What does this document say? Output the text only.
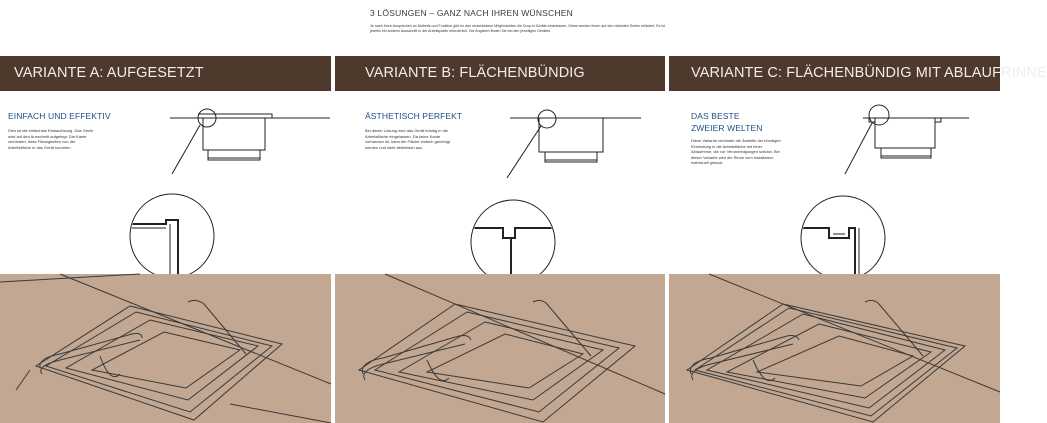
3 LÖSUNGEN – GANZ NACH IHREN WÜNSCHEN

Je nach Ihren Ansprüchen an Ästhetik und Funktion gibt es drei verschiedene Möglichkeiten die Drop-in Geräte einzubauen. Diese werden Ihnen auf den nächsten Seiten erläutert. Es ist jeweils ein anderer Ausschnitt in der Arbeitsplatte erforderlich. Die Angaben finden Sie bei den jeweiligen Geräten.

VARIANTE A: AUFGESETZT
EINFACH UND EFFEKTIV
Dies ist die einfachste Einbaulösung. Das Gerät wird auf den Ausschnitt aufgelegt. Die Kante verhindert, dass Flüssigkeiten von der Arbeitsfläche in das Gerät kommen.
VARIANTE B: FLÄCHENBÜNDIG
ÄSTHETISCH PERFEKT
Bei dieser Lösung wird das Gerät bündig in die Arbeitsfläche eingelassen. Da keine Kante vorhanden ist, kann die Fläche einfach gereinigt werden und sieht ästhetisch aus.
VARIANTE C: FLÄCHENBÜNDIG MIT ABLAUFRINNE
DAS BESTE ZWEIER WELTEN
Diese Variante verbindet die Ästhetik der bündigen Einbindung in die Arbeitsfläche mit einer Ablaufrinne, die vor Verunreinigungen schützt. Bei dieser Variante wird die Rinne vom Installateur individuell gebaut.
